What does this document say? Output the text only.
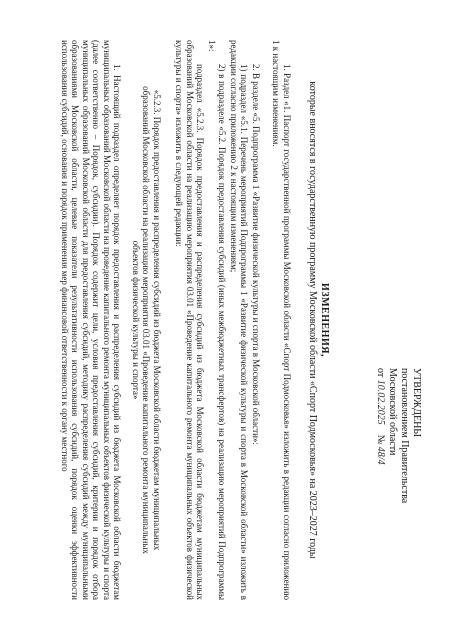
УТВЕРЖДЕНЫ
постановлением Правительства
Московской области
от 10.02.2025    № 48/4
ИЗМЕНЕНИЯ,
которые вносятся в государственную программу Московской области «Спорт Подмосковья» на 2023–2027 годы

1. Раздел «1. Паспорт государственной программы Московской области «Спорт Подмосковья» изложить в редакции согласно приложению 1 к настоящим изменениям.

2. В разделе «5. Подпрограмма 1 «Развитие физической культуры и спорта в Московской области»:

1) подраздел «5.1. Перечень мероприятий Подпрограммы 1 «Развитие физической культуры и спорта в Московской области» изложить в редакции согласно приложению 2 к настоящим изменениям;

2) в подразделе «5.2. Порядок предоставления субсидий (иных межбюджетных трансфертов) на реализацию мероприятий Подпрограммы 1»:

подраздел «5.2.3. Порядок предоставления и распределения субсидий из бюджета Московской области бюджетам муниципальных образований Московской области на реализацию мероприятия 03.01 «Проведение капитального ремонта муниципальных объектов физической культуры и спорта» изложить в следующей редакции:

«5.2.3. Порядок предоставления и распределения субсидий из бюджета Московской области бюджетам муниципальных образований Московской области на реализацию мероприятия 03.01 «Проведение капитального ремонта муниципальных объектов физической культуры и спорта»

1. Настоящий подраздел определяет порядок предоставления и распределения субсидий из бюджета Московской области бюджетам муниципальных образований Московской области на проведение капитального ремонта муниципальных объектов физической культуры и спорта (далее соответственно – Порядок, субсидии). Порядок содержит цели, условия предоставления субсидий, критерии и порядок отбора муниципальных образований Московской области для предоставления субсидий, методику распределения субсидий между муниципальными образованиями Московской области, целевые показатели результативности использования субсидий, порядок оценки эффективности использования субсидий, основания и порядок применения мер финансовой ответственности к органу местного
